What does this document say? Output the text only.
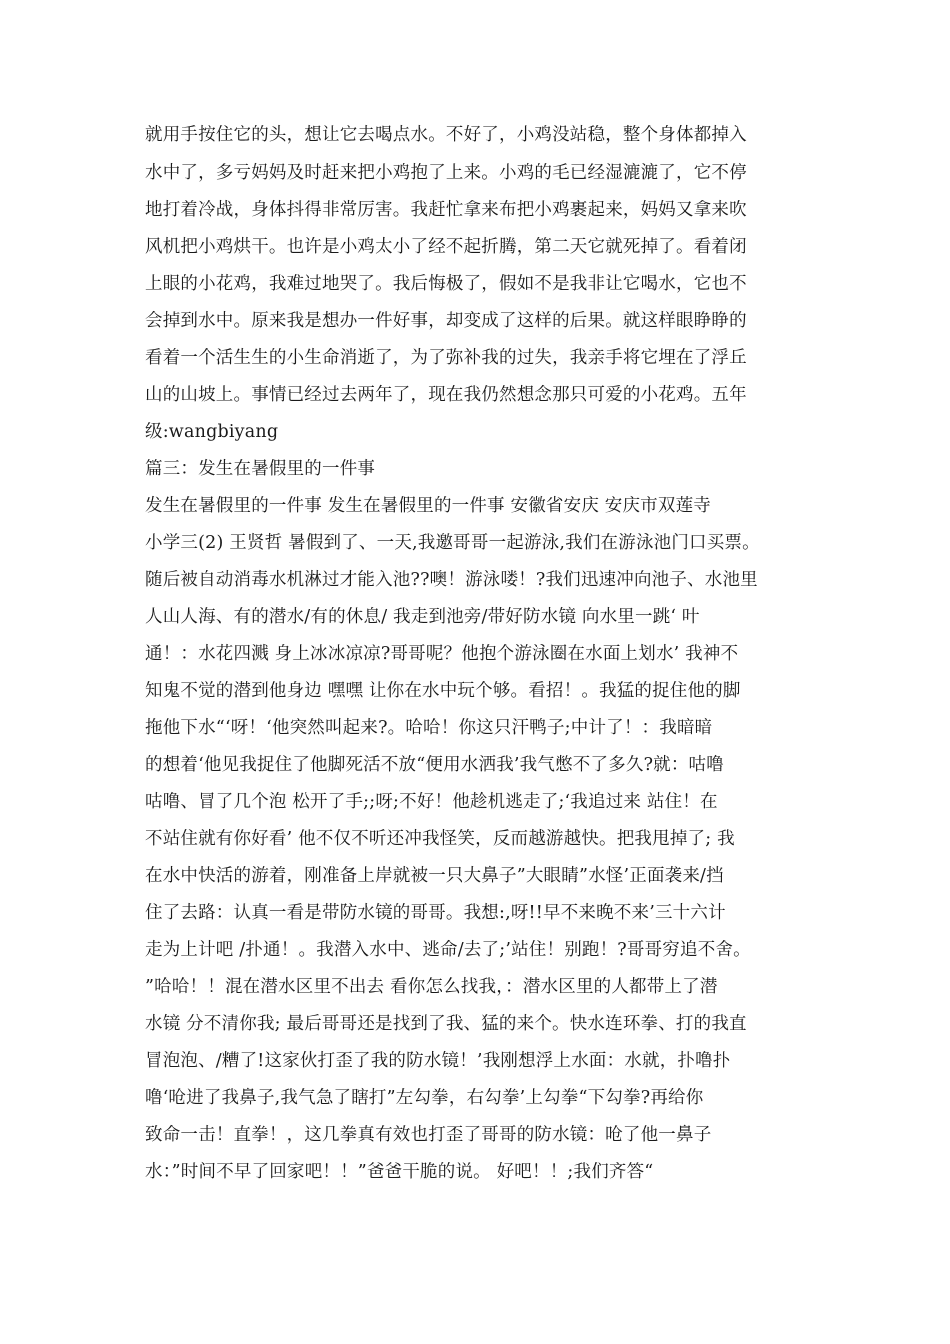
就用手按住它的头，想让它去喝点水。不好了，小鸡没站稳，整个身体都掉入
水中了，多亏妈妈及时赶来把小鸡抱了上来。小鸡的毛已经湿漉漉了，它不停
地打着冷战，身体抖得非常厉害。我赶忙拿来布把小鸡裹起来，妈妈又拿来吹
风机把小鸡烘干。也许是小鸡太小了经不起折腾，第二天它就死掉了。看着闭
上眼的小花鸡，我难过地哭了。我后悔极了，假如不是我非让它喝水，它也不
会掉到水中。原来我是想办一件好事，却变成了这样的后果。就这样眼睁睁的
看着一个活生生的小生命消逝了，为了弥补我的过失，我亲手将它埋在了浮丘
山的山坡上。事情已经过去两年了，现在我仍然想念那只可爱的小花鸡。五年
级:wangbiyang
篇三：发生在暑假里的一件事
发生在暑假里的一件事 发生在暑假里的一件事 安徽省安庆 安庆市双莲寺
小学三(2) 王贤哲 暑假到了、一天,我邀哥哥一起游泳,我们在游泳池门口买票。
随后被自动消毒水机淋过才能入池??噢！游泳喽！?我们迅速冲向池子、水池里
人山人海、有的潜水/有的休息/ 我走到池旁/带好防水镜 向水里一跳‘ 叶
通！：水花四溅 身上冰冰凉凉?哥哥呢？他抱个游泳圈在水面上划水’ 我神不
知鬼不觉的潜到他身边 嘿嘿 让你在水中玩个够。看招！。我猛的捉住他的脚
拖他下水“‘呀！‘他突然叫起来?。哈哈！你这只汗鸭子;中计了！：我暗暗
的想着‘他见我捉住了他脚死活不放“便用水洒我’我气憋不了多久?就：咕噜
咕噜、冒了几个泡 松开了手;;呀;不好！他趁机逃走了;‘我追过来 站住！在
不站住就有你好看’ 他不仅不听还冲我怪笑，反而越游越快。把我甩掉了; 我
在水中快活的游着，刚准备上岸就被一只大鼻子”大眼睛”水怪’正面袭来/挡
住了去路：认真一看是带防水镜的哥哥。我想:,呀!!早不来晚不来’三十六计
走为上计吧 /扑通！。我潜入水中、逃命/去了;’站住！别跑！?哥哥穷追不舍。
”哈哈！！混在潜水区里不出去 看你怎么找我，：潜水区里的人都带上了潜
水镜 分不清你我; 最后哥哥还是找到了我、猛的来个。快水连环拳、打的我直
冒泡泡、/糟了!这家伙打歪了我的防水镜！’我刚想浮上水面：水就，扑噜扑
噜‘呛进了我鼻子,我气急了瞎打”左勾拳，右勾拳’上勾拳“下勾拳?再给你
致命一击！直拳！，这几拳真有效也打歪了哥哥的防水镜：呛了他一鼻子
水：”时间不早了回家吧！！”爸爸干脆的说。 好吧！！;我们齐答“
